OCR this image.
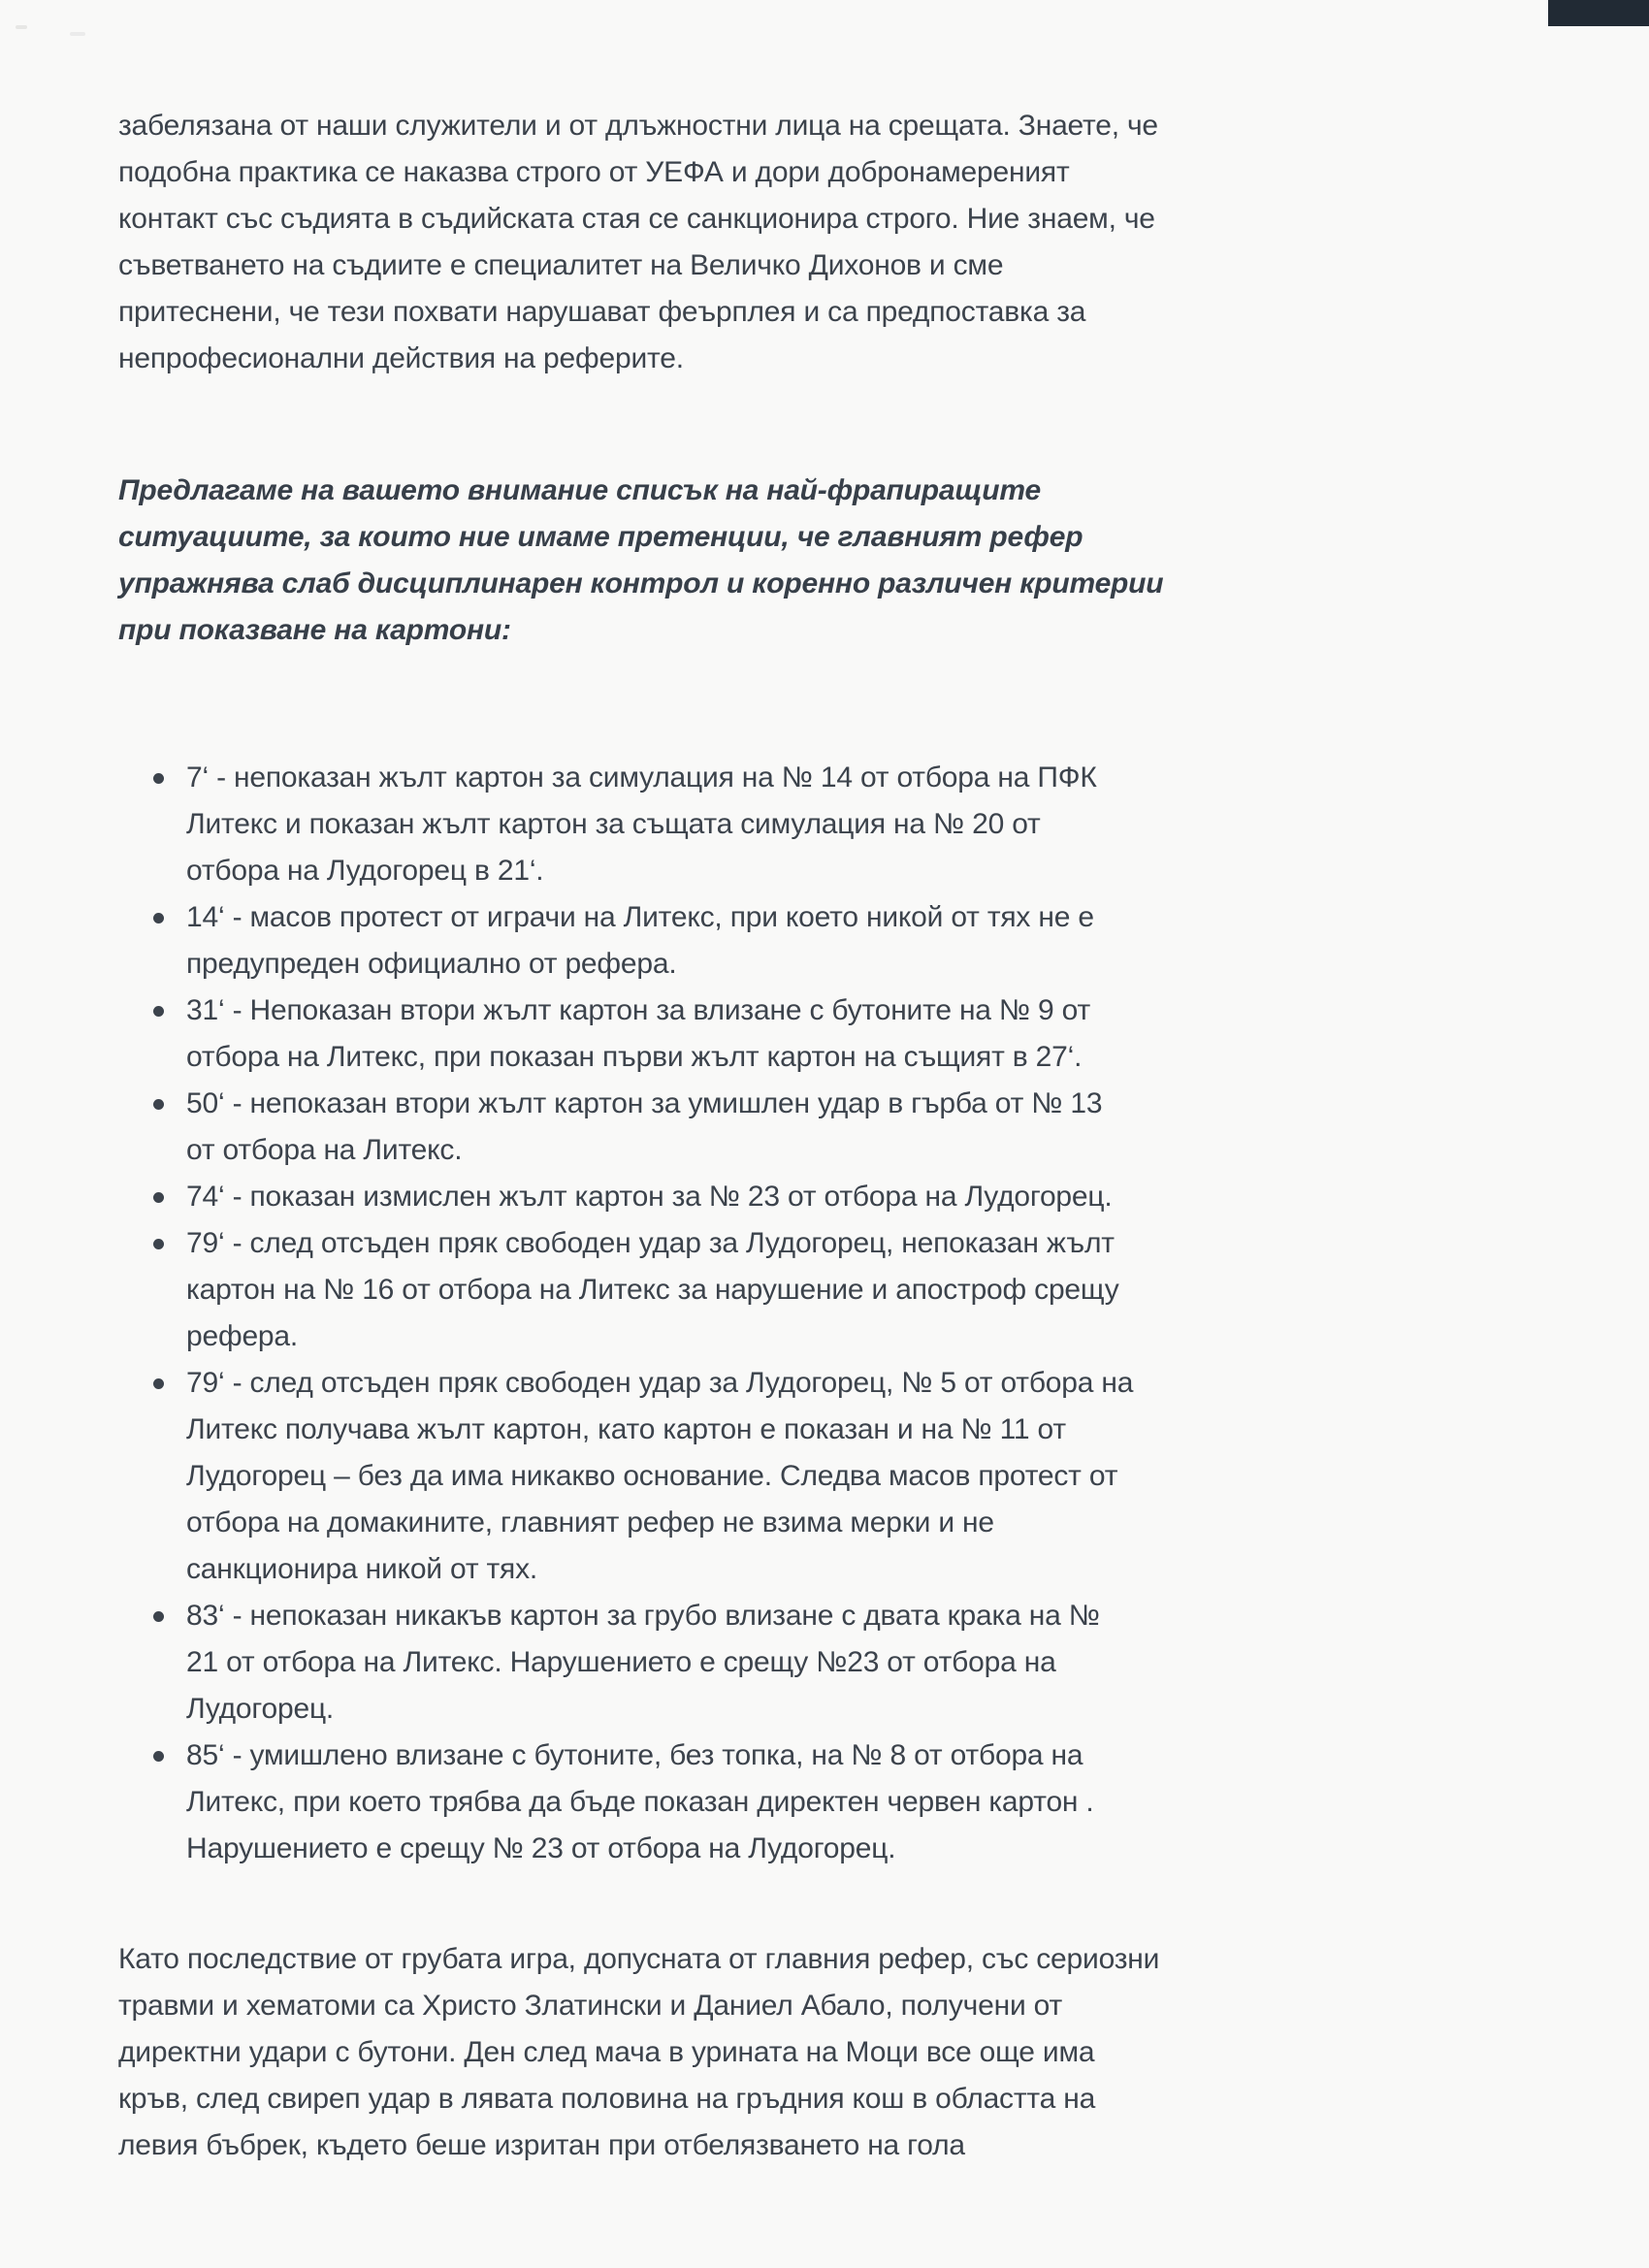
забелязана от наши служители и от длъжностни лица на срещата. Знаете, че подобна практика се наказва строго от УЕФА и дори добронамереният контакт със съдията в съдийската стая се санкционира строго. Ние знаем, че съветването на съдиите е специалитет на Величко Дихонов и сме притеснени, че тези похвати нарушават феърплея и са предпоставка за непрофесионални действия на реферите.

Предлагаме на вашето внимание списък на най-фрапиращите ситуациите, за които ние имаме претенции, че главният рефер упражнява слаб дисциплинарен контрол и коренно различен критерии при показване на картони:

7‘ - непоказан жълт картон за симулация на № 14 от отбора на ПФК Литекс и показан жълт картон за същата симулация на № 20 от отбора на Лудогорец в 21‘.
14‘ - масов протест от играчи на Литекс, при което никой от тях не е предупреден официално от рефера.
31‘ - Непоказан втори жълт картон за влизане с бутоните на № 9 от отбора на Литекс, при показан първи жълт картон на същият в 27‘.
50‘ - непоказан втори жълт картон за умишлен удар в гърба от № 13 от отбора на Литекс.
74‘ - показан измислен жълт картон за № 23 от отбора на Лудогорец.
79‘ - след отсъден пряк свободен удар за Лудогорец, непоказан жълт картон на № 16 от отбора на Литекс за нарушение и апостроф срещу рефера.
79‘ - след отсъден пряк свободен удар за Лудогорец, № 5 от отбора на Литекс получава жълт картон, като картон е показан и на № 11 от Лудогорец – без да има никакво основание. Следва масов протест от отбора на домакините, главният рефер не взима мерки и не санкционира никой от тях.
83‘ - непоказан никакъв картон за грубо влизане с двата крака на № 21 от отбора на Литекс. Нарушението е срещу №23 от отбора на Лудогорец.
85‘ - умишлено влизане с бутоните, без топка, на № 8 от отбора на Литекс, при което трябва да бъде показан директен червен картон . Нарушението е срещу № 23 от отбора на Лудогорец.

Като последствие от грубата игра, допусната от главния рефер, със сериозни травми и хематоми са Христо Златински и Даниел Абало, получени от директни удари с бутони. Ден след мача в урината на Моци все още има кръв, след свиреп удар в лявата половина на гръдния кош в областта на левия бъбрек, където беше изритан при отбелязването на гола
